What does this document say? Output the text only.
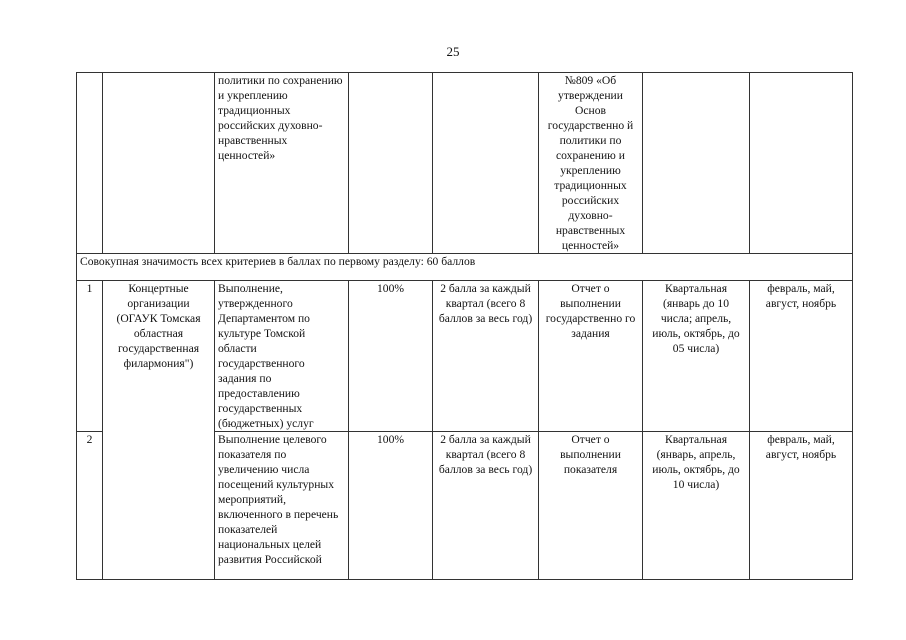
25
		политики по сохранению и укреплению традиционных российских духовно-нравственных ценностей»			№809 «Об утверждении Основ государственно й политики по сохранению и укреплению традиционных российских духовно-нравственных ценностей»		
Совокупная значимость всех критериев в баллах по первому разделу: 60 баллов							
1	Концертные организации (ОГАУК Томская областная государственная филармония")	Выполнение, утвержденного Департаментом по культуре Томской области государственного задания по предоставлению государственных (бюджетных) услуг	100%	2 балла за каждый квартал (всего 8 баллов за весь год)	Отчет о выполнении государственно го задания	Квартальная (январь до 10 числа; апрель, июль, октябрь, до 05 числа)	февраль, май, август, ноябрь
2		Выполнение целевого показателя по увеличению числа посещений культурных мероприятий, включенного в перечень показателей национальных целей развития Российской	100%	2 балла за каждый квартал (всего 8 баллов за весь год)	Отчет о выполнении показателя	Квартальная (январь, апрель, июль, октябрь, до 10 числа)	февраль, май, август, ноябрь
